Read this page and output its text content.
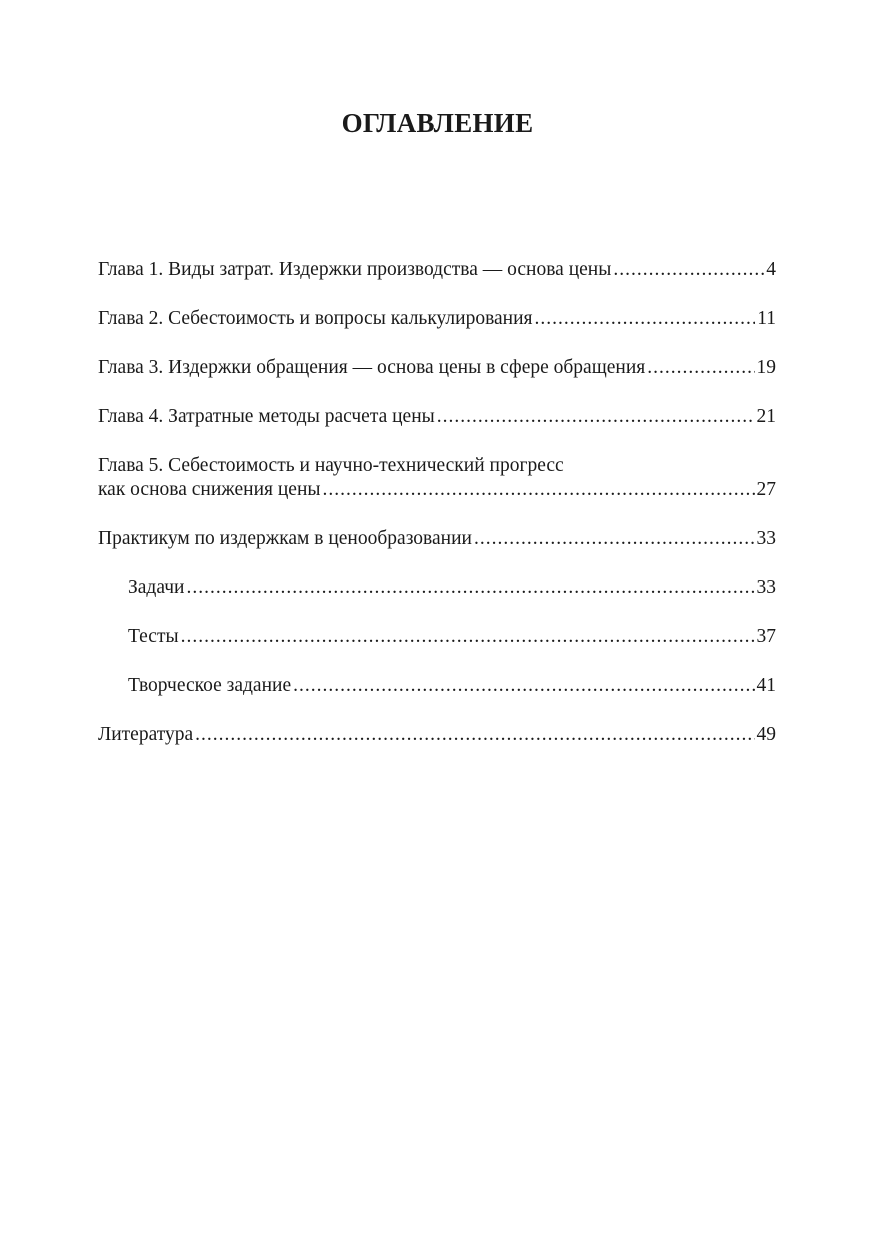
ОГЛАВЛЕНИЕ
Глава 1. Виды затрат. Издержки производства — основа цены .....	4
Глава 2. Себестоимость и вопросы калькулирования .....	11
Глава 3. Издержки обращения — основа цены в сфере обращения .....	19
Глава 4. Затратные методы расчета цены .....	21
Глава 5. Себестоимость и научно-технический прогресс
как основа снижения цены .....	27
Практикум по издержкам в ценообразовании .....	33
Задачи .....	33
Тесты .....	37
Творческое задание .....	41
Литература .....	49
